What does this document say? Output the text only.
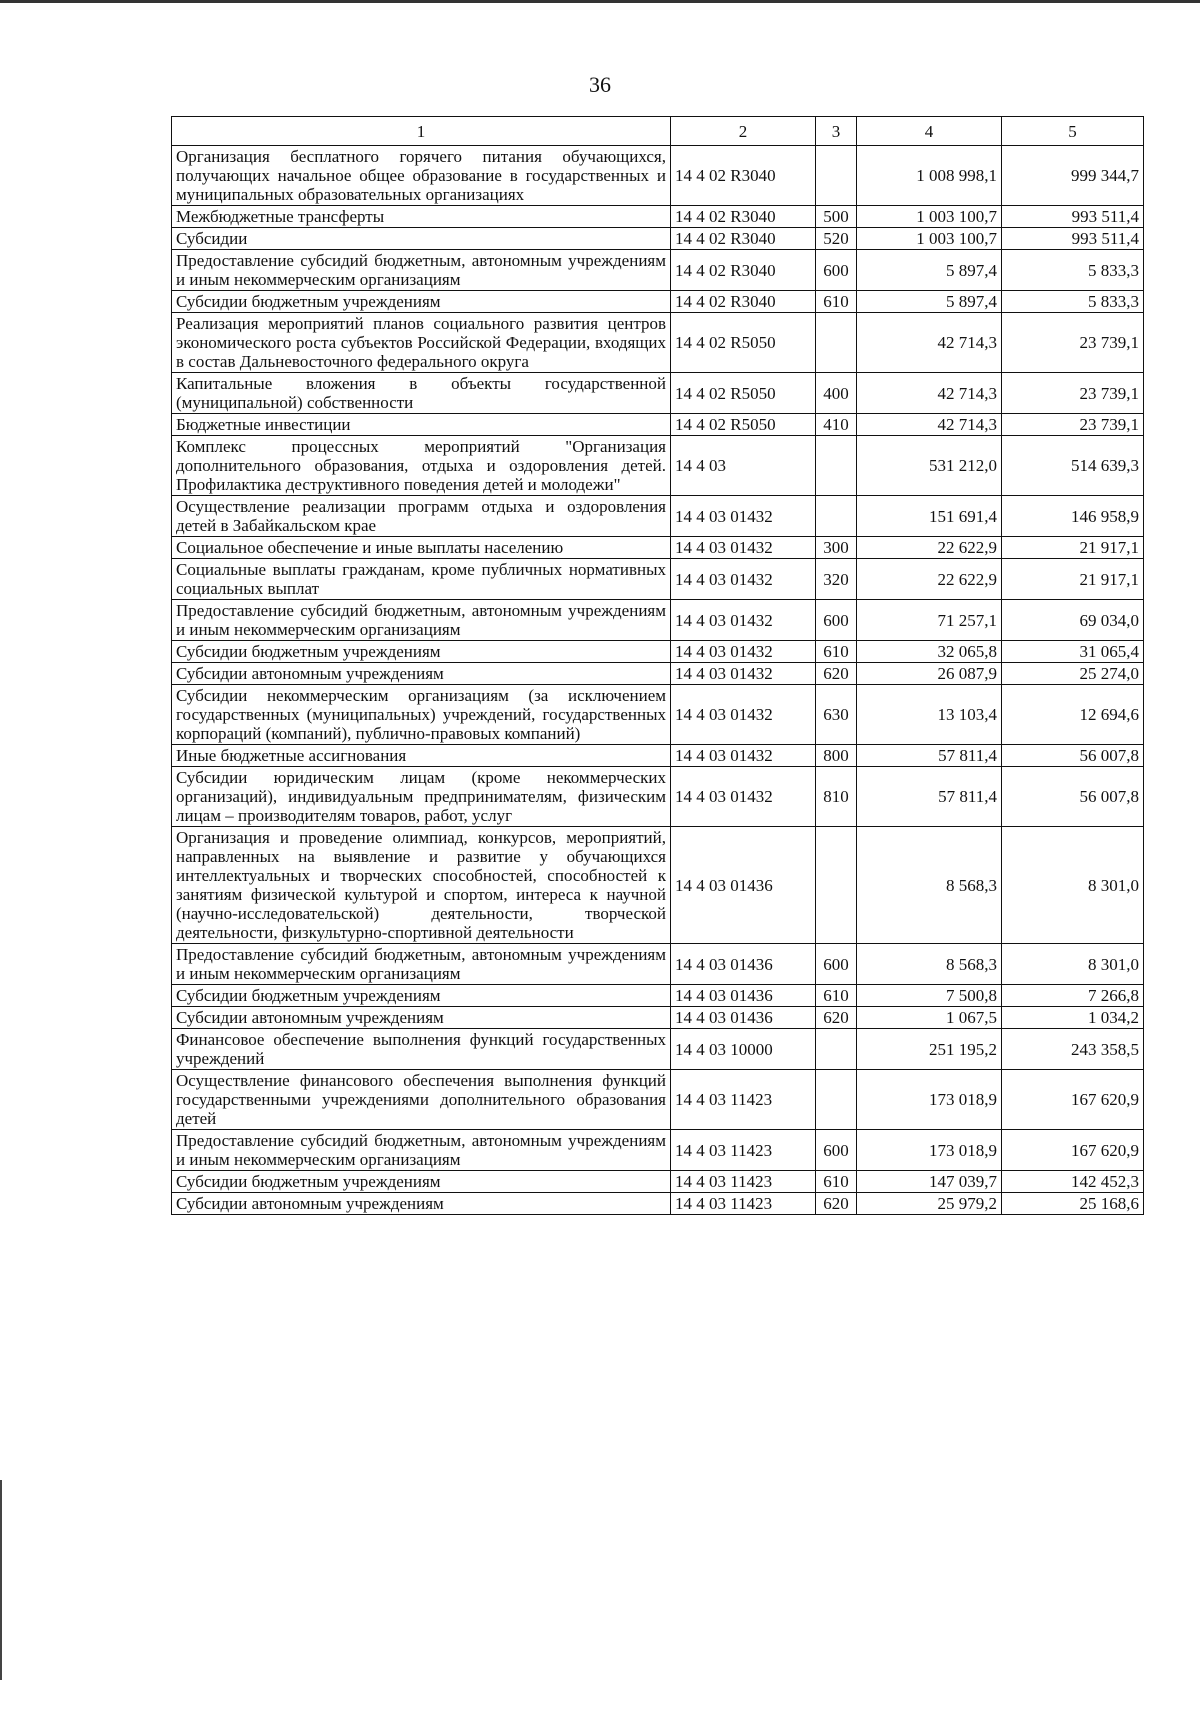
36
1	2	3	4	5
Организация бесплатного горячего питания обучающихся, получающих начальное общее образование в государственных и муниципальных образовательных организациях	14 4 02 R3040		1 008 998,1	999 344,7
Межбюджетные трансферты	14 4 02 R3040	500	1 003 100,7	993 511,4
Субсидии	14 4 02 R3040	520	1 003 100,7	993 511,4
Предоставление субсидий бюджетным, автономным учреждениям и иным некоммерческим организациям	14 4 02 R3040	600	5 897,4	5 833,3
Субсидии бюджетным учреждениям	14 4 02 R3040	610	5 897,4	5 833,3
Реализация мероприятий планов социального развития центров экономического роста субъектов Российской Федерации, входящих в состав Дальневосточного федерального округа	14 4 02 R5050		42 714,3	23 739,1
Капитальные вложения в объекты государственной (муниципальной) собственности	14 4 02 R5050	400	42 714,3	23 739,1
Бюджетные инвестиции	14 4 02 R5050	410	42 714,3	23 739,1
Комплекс процессных мероприятий "Организация дополнительного образования, отдыха и оздоровления детей. Профилактика деструктивного поведения детей и молодежи"	14 4 03		531 212,0	514 639,3
Осуществление реализации программ отдыха и оздоровления детей в Забайкальском крае	14 4 03 01432		151 691,4	146 958,9
Социальное обеспечение и иные выплаты населению	14 4 03 01432	300	22 622,9	21 917,1
Социальные выплаты гражданам, кроме публичных нормативных социальных выплат	14 4 03 01432	320	22 622,9	21 917,1
Предоставление субсидий бюджетным, автономным учреждениям и иным некоммерческим организациям	14 4 03 01432	600	71 257,1	69 034,0
Субсидии бюджетным учреждениям	14 4 03 01432	610	32 065,8	31 065,4
Субсидии автономным учреждениям	14 4 03 01432	620	26 087,9	25 274,0
Субсидии некоммерческим организациям (за исключением государственных (муниципальных) учреждений, государственных корпораций (компаний), публично-правовых компаний)	14 4 03 01432	630	13 103,4	12 694,6
Иные бюджетные ассигнования	14 4 03 01432	800	57 811,4	56 007,8
Субсидии юридическим лицам (кроме некоммерческих организаций), индивидуальным предпринимателям, физическим лицам – производителям товаров, работ, услуг	14 4 03 01432	810	57 811,4	56 007,8
Организация и проведение олимпиад, конкурсов, мероприятий, направленных на выявление и развитие у обучающихся интеллектуальных и творческих способностей, способностей к занятиям физической культурой и спортом, интереса к научной (научно-исследовательской) деятельности, творческой деятельности, физкультурно-спортивной деятельности	14 4 03 01436		8 568,3	8 301,0
Предоставление субсидий бюджетным, автономным учреждениям и иным некоммерческим организациям	14 4 03 01436	600	8 568,3	8 301,0
Субсидии бюджетным учреждениям	14 4 03 01436	610	7 500,8	7 266,8
Субсидии автономным учреждениям	14 4 03 01436	620	1 067,5	1 034,2
Финансовое обеспечение выполнения функций государственных учреждений	14 4 03 10000		251 195,2	243 358,5
Осуществление финансового обеспечения выполнения функций государственными учреждениями дополнительного образования детей	14 4 03 11423		173 018,9	167 620,9
Предоставление субсидий бюджетным, автономным учреждениям и иным некоммерческим организациям	14 4 03 11423	600	173 018,9	167 620,9
Субсидии бюджетным учреждениям	14 4 03 11423	610	147 039,7	142 452,3
Субсидии автономным учреждениям	14 4 03 11423	620	25 979,2	25 168,6
